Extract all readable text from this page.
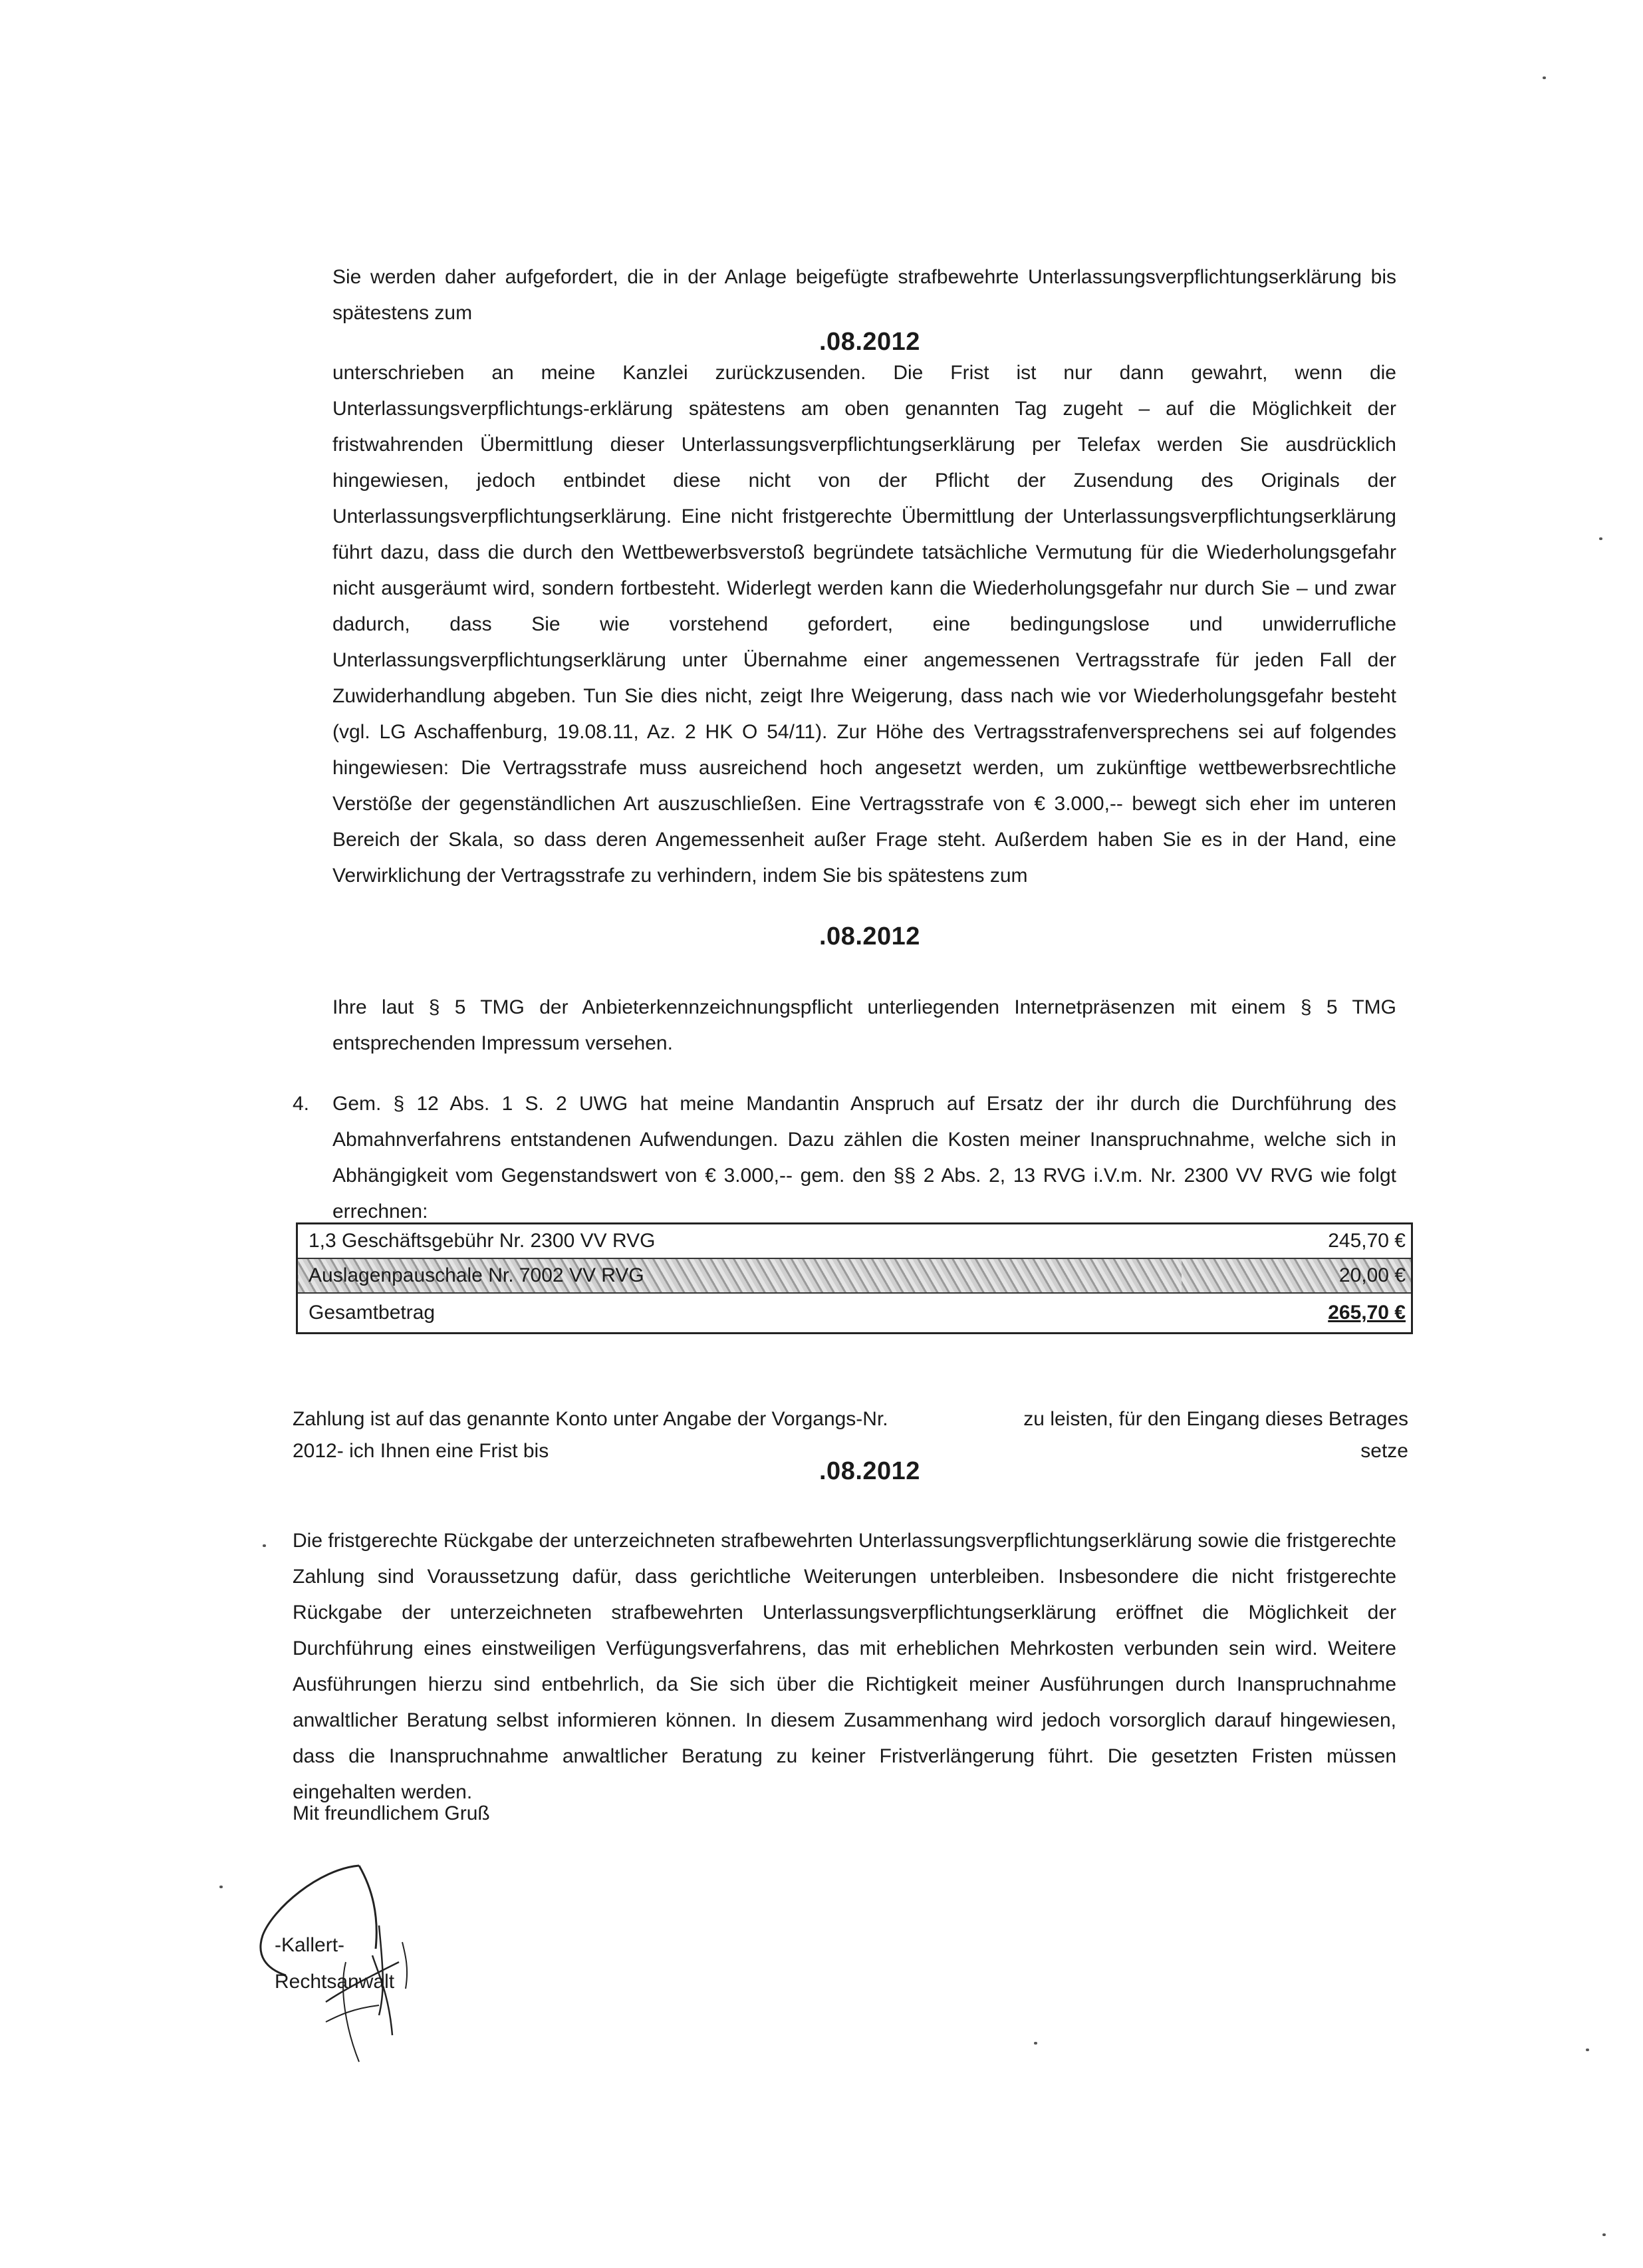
Sie werden daher aufgefordert, die in der Anlage beigefügte strafbewehrte Unterlassungsverpflichtungserklärung bis spätestens zum
.08.2012
unterschrieben an meine Kanzlei zurückzusenden. Die Frist ist nur dann gewahrt, wenn die Unterlassungsverpflichtungs-erklärung spätestens am oben genannten Tag zugeht – auf die Möglichkeit der fristwahrenden Übermittlung dieser Unterlassungsverpflichtungserklärung per Telefax werden Sie ausdrücklich hingewiesen, jedoch entbindet diese nicht von der Pflicht der Zusendung des Originals der Unterlassungsverpflichtungserklärung. Eine nicht fristgerechte Übermittlung der Unterlassungsverpflichtungserklärung führt dazu, dass die durch den Wettbewerbsverstoß begründete tatsächliche Vermutung für die Wiederholungsgefahr nicht ausgeräumt wird, sondern fortbesteht. Widerlegt werden kann die Wiederholungsgefahr nur durch Sie – und zwar dadurch, dass Sie wie vorstehend gefordert, eine bedingungslose und unwiderrufliche Unterlassungsverpflichtungserklärung unter Übernahme einer angemessenen Vertragsstrafe für jeden Fall der Zuwiderhandlung abgeben. Tun Sie dies nicht, zeigt Ihre Weigerung, dass nach wie vor Wiederholungsgefahr besteht (vgl. LG Aschaffenburg, 19.08.11, Az. 2 HK O 54/11). Zur Höhe des Vertragsstrafenversprechens sei auf folgendes hingewiesen: Die Vertragsstrafe muss ausreichend hoch angesetzt werden, um zukünftige wettbewerbsrechtliche Verstöße der gegenständlichen Art auszuschließen. Eine Vertragsstrafe von € 3.000,-- bewegt sich eher im unteren Bereich der Skala, so dass deren Angemessenheit außer Frage steht. Außerdem haben Sie es in der Hand, eine Verwirklichung der Vertragsstrafe zu verhindern, indem Sie bis spätestens zum
.08.2012
Ihre laut § 5 TMG der Anbieterkennzeichnungspflicht unterliegenden Internetpräsenzen mit einem § 5 TMG entsprechenden Impressum versehen.
4.	Gem. § 12 Abs. 1 S. 2 UWG hat meine Mandantin Anspruch auf Ersatz der ihr durch die Durchführung des Abmahnverfahrens entstandenen Aufwendungen. Dazu zählen die Kosten meiner Inanspruchnahme, welche sich in Abhängigkeit vom Gegenstandswert von € 3.000,-- gem. den §§ 2 Abs. 2, 13 RVG i.V.m. Nr. 2300 VV RVG wie folgt errechnen:
1,3 Geschäftsgebühr Nr. 2300 VV RVG	245,70 €
Auslagenpauschale Nr. 7002 VV RVG	20,00 €
Gesamtbetrag	265,70 €
Zahlung ist auf das genannte Konto unter Angabe der Vorgangs-Nr. 2012- ich Ihnen eine Frist bis
zu leisten, für den Eingang dieses Betrages setze
.08.2012
Die fristgerechte Rückgabe der unterzeichneten strafbewehrten Unterlassungsverpflichtungserklärung sowie die fristgerechte Zahlung sind Voraussetzung dafür, dass gerichtliche Weiterungen unterbleiben. Insbesondere die nicht fristgerechte Rückgabe der unterzeichneten strafbewehrten Unterlassungsverpflichtungserklärung eröffnet die Möglichkeit der Durchführung eines einstweiligen Verfügungsverfahrens, das mit erheblichen Mehrkosten verbunden sein wird. Weitere Ausführungen hierzu sind entbehrlich, da Sie sich über die Richtigkeit meiner Ausführungen durch Inanspruchnahme anwaltlicher Beratung selbst informieren können. In diesem Zusammenhang wird jedoch vorsorglich darauf hingewiesen, dass die Inanspruchnahme anwaltlicher Beratung zu keiner Fristverlängerung führt. Die gesetzten Fristen müssen eingehalten werden.
Mit freundlichem Gruß
-Kallert-
Rechtsanwalt
